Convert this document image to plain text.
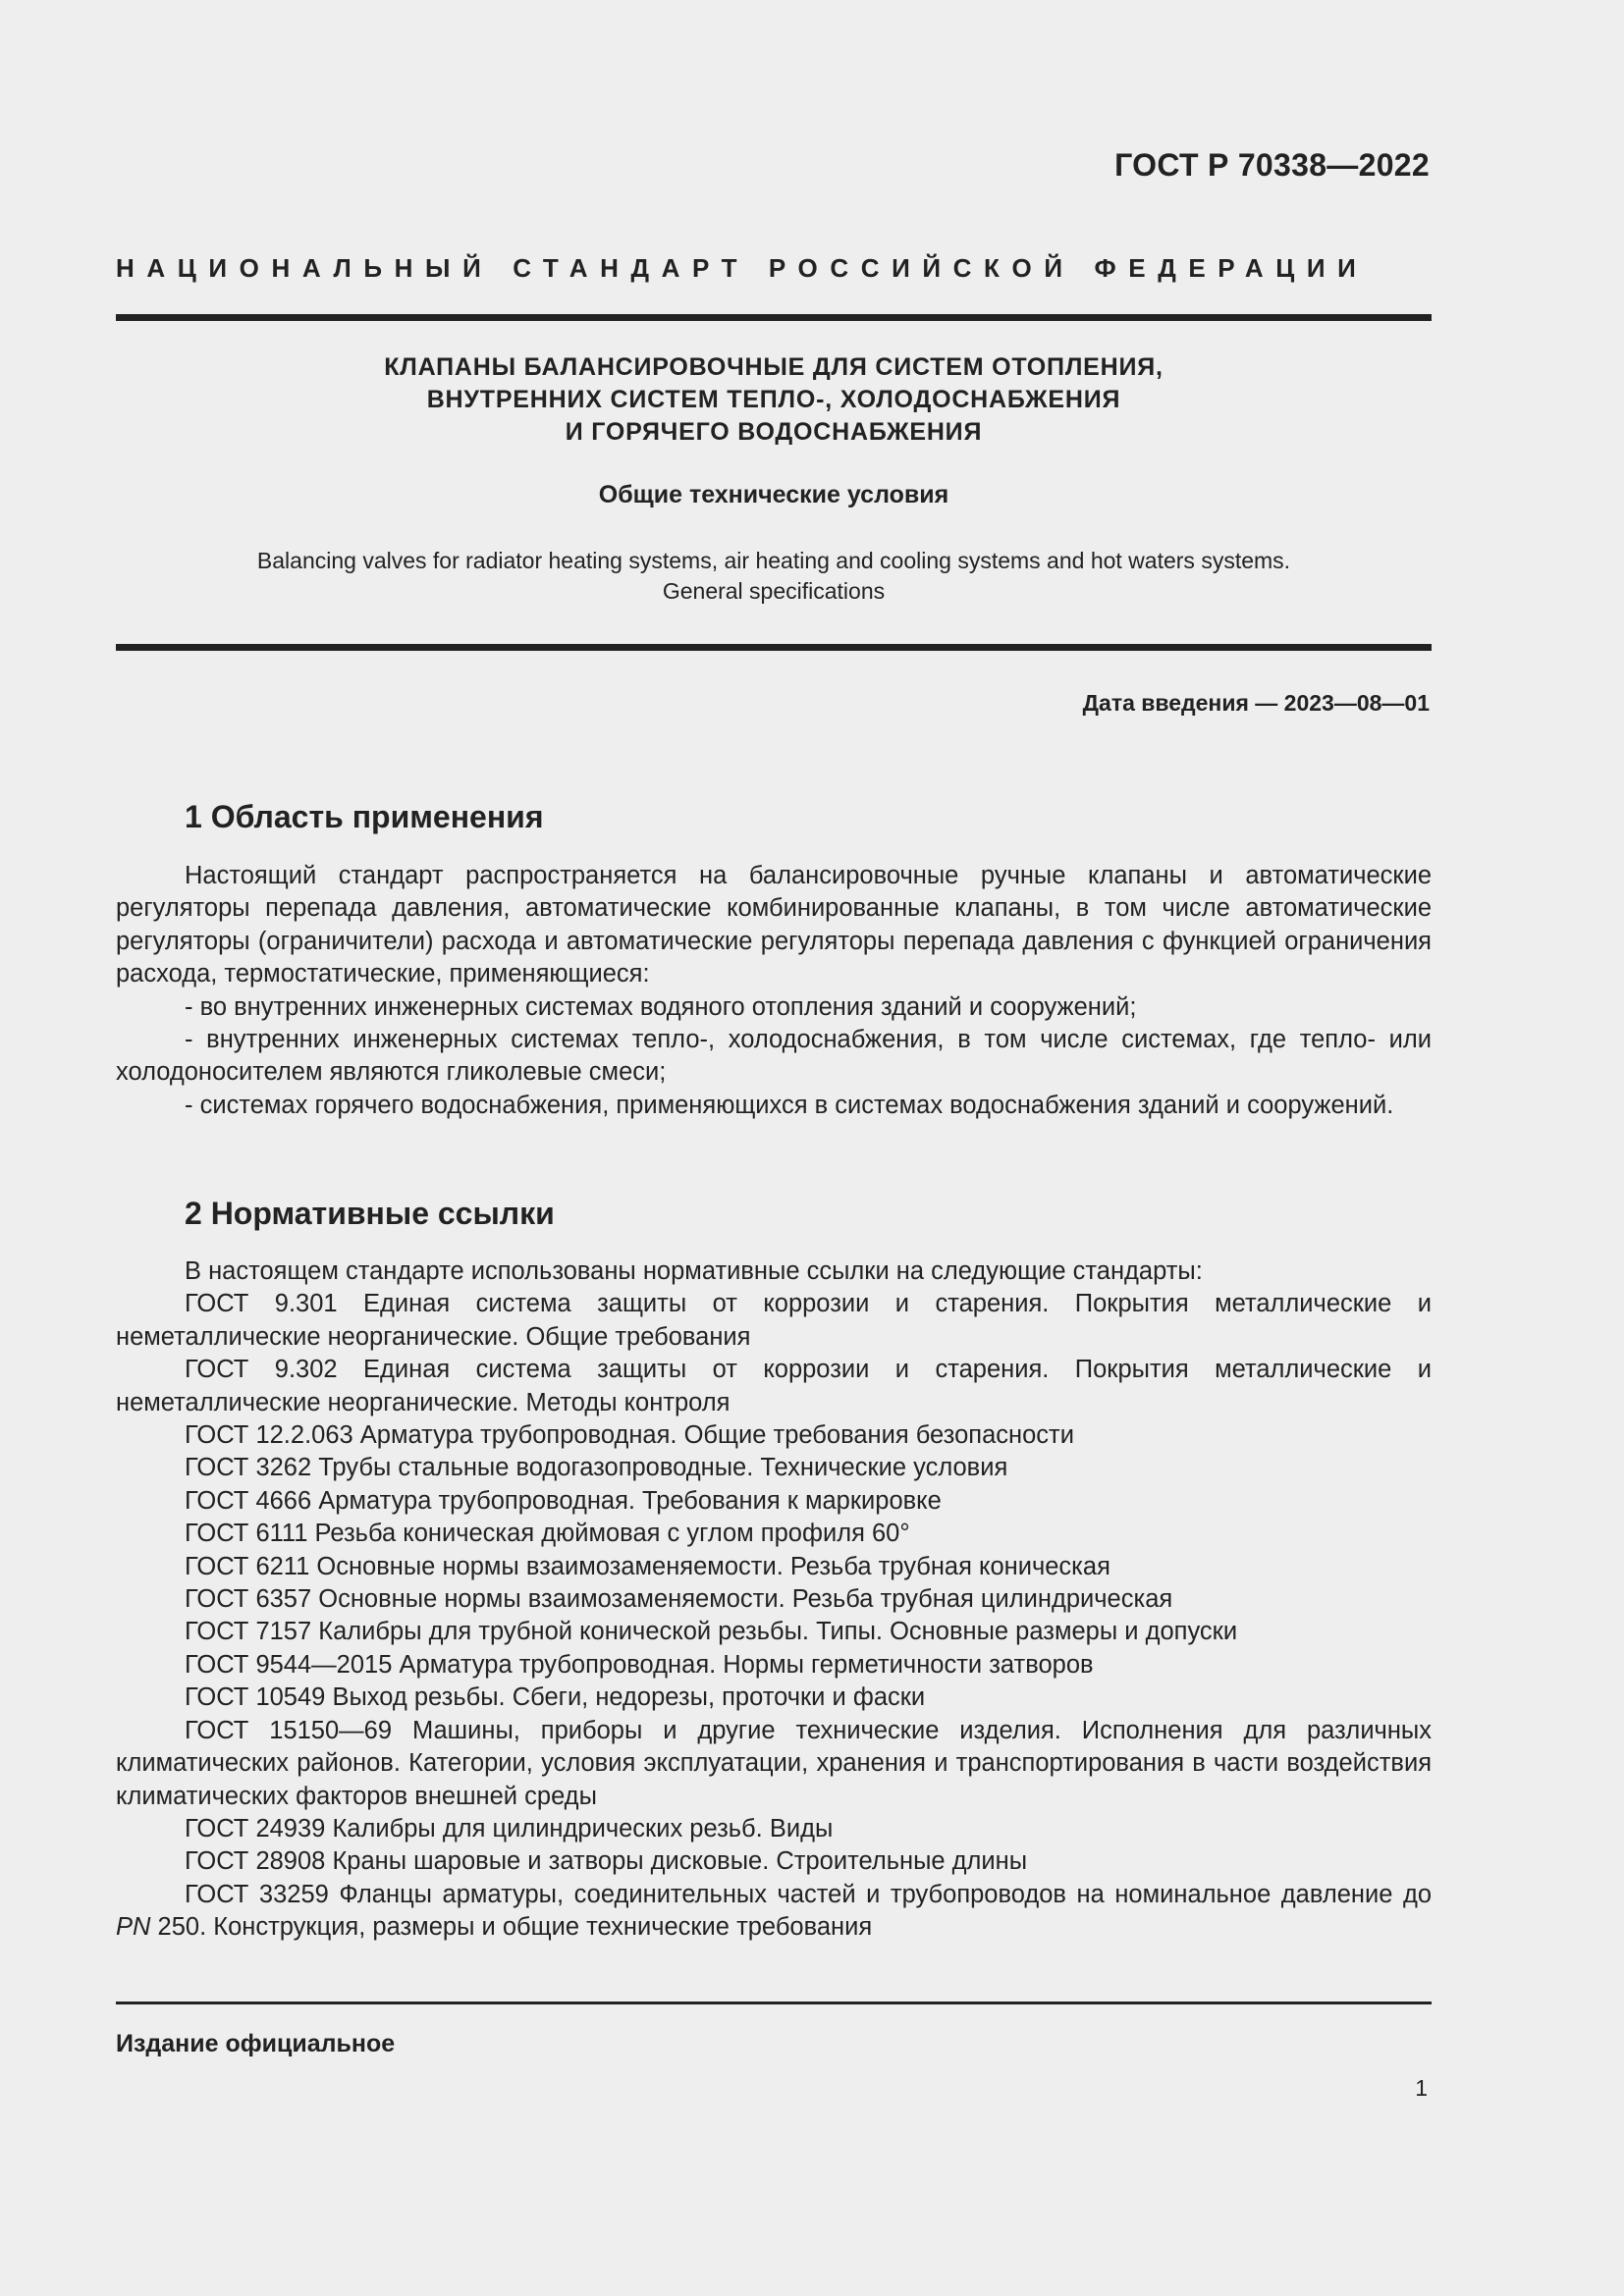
ГОСТ Р 70338—2022
НАЦИОНАЛЬНЫЙ СТАНДАРТ РОССИЙСКОЙ ФЕДЕРАЦИИ
КЛАПАНЫ БАЛАНСИРОВОЧНЫЕ ДЛЯ СИСТЕМ ОТОПЛЕНИЯ,
ВНУТРЕННИХ СИСТЕМ ТЕПЛО-, ХОЛОДОСНАБЖЕНИЯ
И ГОРЯЧЕГО ВОДОСНАБЖЕНИЯ
Общие технические условия
Balancing valves for radiator heating systems, air heating and cooling systems and hot waters systems.
General specifications
Дата введения — 2023—08—01
1 Область применения

Настоящий стандарт распространяется на балансировочные ручные клапаны и автоматические регуляторы перепада давления, автоматические комбинированные клапаны, в том числе автоматические регуляторы (ограничители) расхода и автоматические регуляторы перепада давления с функцией ограничения расхода, термостатические, применяющиеся:

- во внутренних инженерных системах водяного отопления зданий и сооружений;

- внутренних инженерных системах тепло-, холодоснабжения, в том числе системах, где тепло- или холодоносителем являются гликолевые смеси;

- системах горячего водоснабжения, применяющихся в системах водоснабжения зданий и сооружений.

2 Нормативные ссылки

В настоящем стандарте использованы нормативные ссылки на следующие стандарты:

ГОСТ 9.301 Единая система защиты от коррозии и старения. Покрытия металлические и неметаллические неорганические. Общие требования

ГОСТ 9.302 Единая система защиты от коррозии и старения. Покрытия металлические и неметаллические неорганические. Методы контроля

ГОСТ 12.2.063 Арматура трубопроводная. Общие требования безопасности

ГОСТ 3262 Трубы стальные водогазопроводные. Технические условия

ГОСТ 4666 Арматура трубопроводная. Требования к маркировке

ГОСТ 6111 Резьба коническая дюймовая с углом профиля 60°

ГОСТ 6211 Основные нормы взаимозаменяемости. Резьба трубная коническая

ГОСТ 6357 Основные нормы взаимозаменяемости. Резьба трубная цилиндрическая

ГОСТ 7157 Калибры для трубной конической резьбы. Типы. Основные размеры и допуски

ГОСТ 9544—2015 Арматура трубопроводная. Нормы герметичности затворов

ГОСТ 10549 Выход резьбы. Сбеги, недорезы, проточки и фаски

ГОСТ 15150—69 Машины, приборы и другие технические изделия. Исполнения для различных климатических районов. Категории, условия эксплуатации, хранения и транспортирования в части воздействия климатических факторов внешней среды

ГОСТ 24939 Калибры для цилиндрических резьб. Виды

ГОСТ 28908 Краны шаровые и затворы дисковые. Строительные длины

ГОСТ 33259 Фланцы арматуры, соединительных частей и трубопроводов на номинальное давление до PN 250. Конструкция, размеры и общие технические требования

Издание официальное
1
